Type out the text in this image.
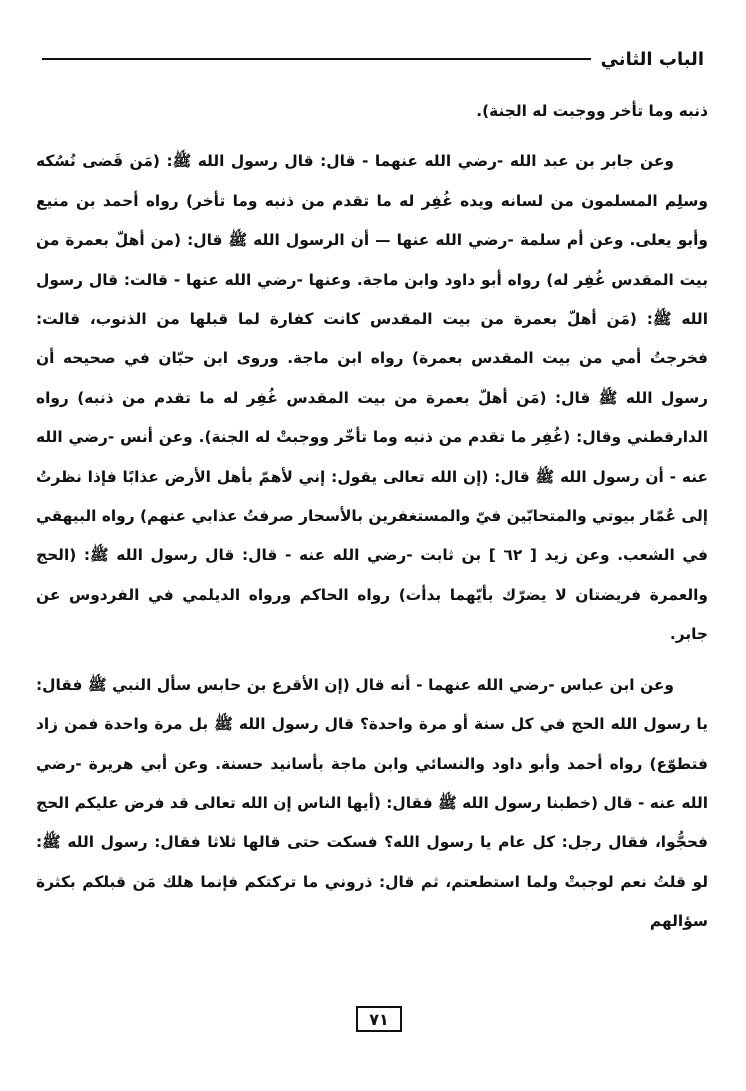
الباب الثاني

ذنبه وما تأخر ووجبت له الجنة).

وعن جابر بن عبد الله -رضي الله عنهما - قال: قال رسول الله ﷺ: (مَن قَضى نُسُكه وسلِم المسلمون من لسانه ويده غُفِر له ما تقدم من ذنبه وما تأخر) رواه أحمد بن منيع وأبو يعلى. وعن أم سلمة -رضي الله عنها — أن الرسول الله ﷺ قال: (من أهلّ بعمرة من بيت المقدس غُفِر له) رواه أبو داود وابن ماجة. وعنها -رضي الله عنها - قالت: قال رسول الله ﷺ: (مَن أهلّ بعمرة من بيت المقدس كانت كفارة لما قبلها من الذنوب، قالت: فخرجتُ أمي من بيت المقدس بعمرة) رواه ابن ماجة. وروى ابن حبّان في صحيحه أن رسول الله ﷺ قال: (مَن أهلّ بعمرة من بيت المقدس غُفِر له ما تقدم من ذنبه) رواه الدارقطني وقال: (غُفِر ما تقدم من ذنبه وما تأخّر ووجبتْ له الجنة). وعن أنس -رضي الله عنه - أن رسول الله ﷺ قال: (إن الله تعالى يقول: إني لأهمّ بأهل الأرض عذابًا فإذا نظرتُ إلى عُمّار بيوتي والمتحابّين فيّ والمستغفرين بالأسحار صرفتُ عذابي عنهم) رواه البيهقي في الشعب. وعن زيد [ ٦٢ ] بن ثابت -رضي الله عنه - قال: قال رسول الله ﷺ: (الحج والعمرة فريضتان لا يضرّك بأيّهما بدأت) رواه الحاكم ورواه الديلمي في الفردوس عن جابر.

وعن ابن عباس -رضي الله عنهما - أنه قال (إن الأقرع بن حابس سأل النبي ﷺ فقال: يا رسول الله الحج في كل سنة أو مرة واحدة؟ قال رسول الله ﷺ بل مرة واحدة فمن زاد فتطوّع) رواه أحمد وأبو داود والنسائي وابن ماجة بأسانيد حسنة. وعن أبي هريرة -رضي الله عنه - قال (خطبنا رسول الله ﷺ فقال: (أيها الناس إن الله تعالى قد فرض عليكم الحج فحجُّوا، فقال رجل: كل عام يا رسول الله؟ فسكت حتى قالها ثلاثا فقال: رسول الله ﷺ: لو قلتُ نعم لوجبتْ ولما استطعتم، ثم قال: ذروني ما تركتكم فإنما هلك مَن قبلكم بكثرة سؤالهم

٧١
